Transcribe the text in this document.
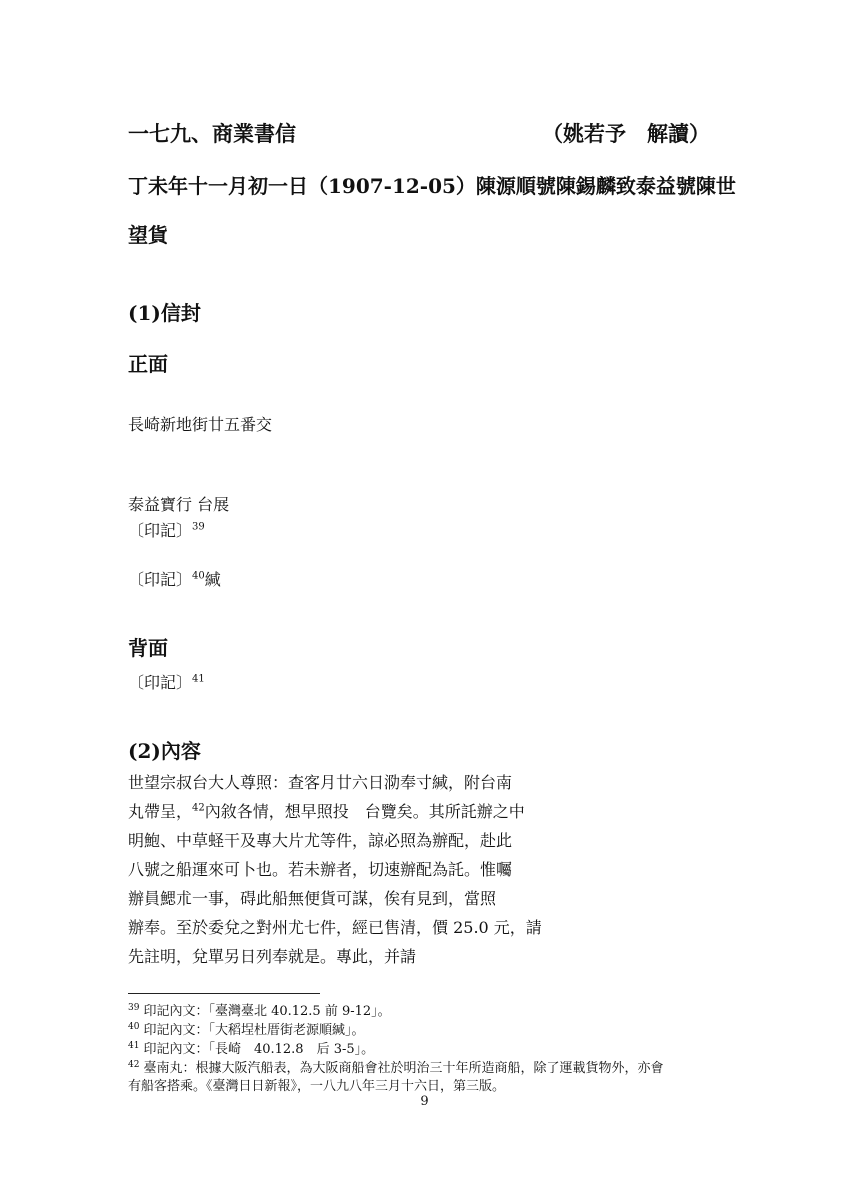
一七九、商業書信	（姚若予　解讀）
丁未年十一月初一日（1907-12-05）陳源順號陳錫麟致泰益號陳世
望貨
(1)信封
正面
長崎新地街廿五番交
泰益寶行 台展
〔印記〕$^{39}$
〔印記〕$^{40}$緘
背面
〔印記〕$^{41}$
(2)內容
世望宗叔台大人尊照：查客月廿六日泐奉寸緘，附台南
丸帶呈，$^{42}$內敘各情，想早照投　台覽矣。其所託辦之中
明鮑、中草蛏干及專大片尤等件，諒必照為辦配，赴此
八號之船運來可卜也。若未辦者，切速辦配為託。惟囑
辦員鰓朮一事，碍此船無便貨可謀，俟有見到，當照
辦奉。至於委兌之對州尤七件，經已售清，價 25.0 元，請
先註明，兌單另日列奉就是。專此，并請
$^{39}$ 印記內文：「臺灣臺北 40.12.5 前 9-12」。
$^{40}$ 印記內文：「大稻埕杜厝街老源順緘」。
$^{41}$ 印記內文：「長崎　40.12.8　后 3-5」。
$^{42}$ 臺南丸：根據大阪汽船表，為大阪商船會社於明治三十年所造商船，除了運載貨物外，亦會
有船客搭乘。《臺灣日日新報》，一八九八年三月十六日，第三版。
9
